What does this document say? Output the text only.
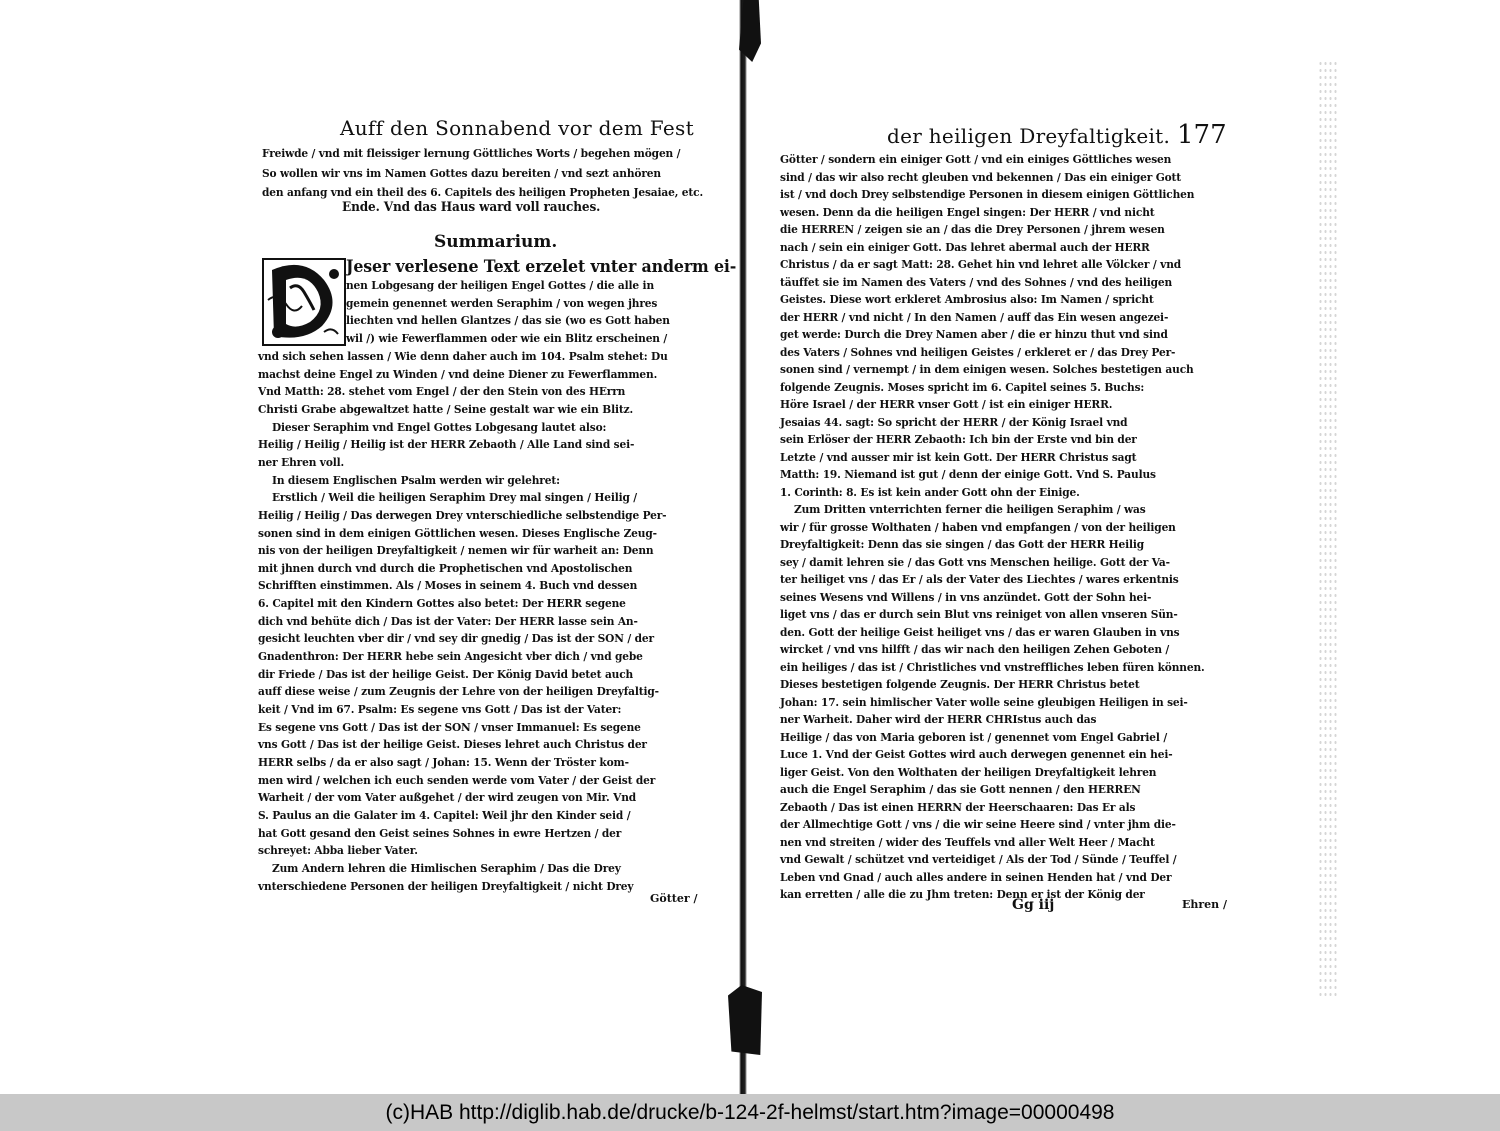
Auff den Sonnabend vor dem Fest
Freiwde / vnd mit fleissiger lernung Göttliches Worts / begehen mögen /
So wollen wir vns im Namen Gottes dazu bereiten / vnd sezt anhören
den anfang vnd ein theil des 6. Capitels des heiligen Propheten Jesaiae, etc.
Ende. Vnd das Haus ward voll rauches.
Summarium.
Jeser verlesene Text erzelet vnter anderm ei-
nen Lobgesang der heiligen Engel Gottes / die alle in
gemein genennet werden Seraphim / von wegen jhres
liechten vnd hellen Glantzes / das sie (wo es Gott haben
wil /) wie Fewerflammen oder wie ein Blitz erscheinen /
vnd sich sehen lassen / Wie denn daher auch im 104. Psalm stehet: Du
machst deine Engel zu Winden / vnd deine Diener zu Fewerflammen.
Vnd Matth: 28. stehet vom Engel / der den Stein von des HErrn
Christi Grabe abgewaltzet hatte / Seine gestalt war wie ein Blitz.
Dieser Seraphim vnd Engel Gottes Lobgesang lautet also:
Heilig / Heilig / Heilig ist der HERR Zebaoth / Alle Land sind sei-
ner Ehren voll.
In diesem Englischen Psalm werden wir gelehret:
Erstlich / Weil die heiligen Seraphim Drey mal singen / Heilig /
Heilig / Heilig / Das derwegen Drey vnterschiedliche selbstendige Per-
sonen sind in dem einigen Göttlichen wesen. Dieses Englische Zeug-
nis von der heiligen Dreyfaltigkeit / nemen wir für warheit an: Denn
mit jhnen durch vnd durch die Prophetischen vnd Apostolischen
Schrifften einstimmen. Als / Moses in seinem 4. Buch vnd dessen
6. Capitel mit den Kindern Gottes also betet: Der HERR segene
dich vnd behüte dich / Das ist der Vater: Der HERR lasse sein An-
gesicht leuchten vber dir / vnd sey dir gnedig / Das ist der SON / der
Gnadenthron: Der HERR hebe sein Angesicht vber dich / vnd gebe
dir Friede / Das ist der heilige Geist. Der König David betet auch
auff diese weise / zum Zeugnis der Lehre von der heiligen Dreyfaltig-
keit / Vnd im 67. Psalm: Es segene vns Gott / Das ist der Vater:
Es segene vns Gott / Das ist der SON / vnser Immanuel: Es segene
vns Gott / Das ist der heilige Geist. Dieses lehret auch Christus der
HERR selbs / da er also sagt / Johan: 15. Wenn der Tröster kom-
men wird / welchen ich euch senden werde vom Vater / der Geist der
Warheit / der vom Vater außgehet / der wird zeugen von Mir. Vnd
S. Paulus an die Galater im 4. Capitel: Weil jhr den Kinder seid /
hat Gott gesand den Geist seines Sohnes in ewre Hertzen / der
schreyet: Abba lieber Vater.
Zum Andern lehren die Himlischen Seraphim / Das die Drey
vnterschiedene Personen der heiligen Dreyfaltigkeit / nicht Drey
Götter /
der heiligen Dreyfaltigkeit. 177
Götter / sondern ein einiger Gott / vnd ein einiges Göttliches wesen
sind / das wir also recht gleuben vnd bekennen / Das ein einiger Gott
ist / vnd doch Drey selbstendige Personen in diesem einigen Göttlichen
wesen. Denn da die heiligen Engel singen: Der HERR / vnd nicht
die HERREN / zeigen sie an / das die Drey Personen / jhrem wesen
nach / sein ein einiger Gott. Das lehret abermal auch der HERR
Christus / da er sagt Matt: 28. Gehet hin vnd lehret alle Völcker / vnd
täuffet sie im Namen des Vaters / vnd des Sohnes / vnd des heiligen
Geistes. Diese wort erkleret Ambrosius also: Im Namen / spricht
der HERR / vnd nicht / In den Namen / auff das Ein wesen angezei-
get werde: Durch die Drey Namen aber / die er hinzu thut vnd sind
des Vaters / Sohnes vnd heiligen Geistes / erkleret er / das Drey Per-
sonen sind / vernempt / in dem einigen wesen. Solches bestetigen auch
folgende Zeugnis. Moses spricht im 6. Capitel seines 5. Buchs:
Höre Israel / der HERR vnser Gott / ist ein einiger HERR.
Jesaias 44. sagt: So spricht der HERR / der König Israel vnd
sein Erlöser der HERR Zebaoth: Ich bin der Erste vnd bin der
Letzte / vnd ausser mir ist kein Gott. Der HERR Christus sagt
Matth: 19. Niemand ist gut / denn der einige Gott. Vnd S. Paulus
1. Corinth: 8. Es ist kein ander Gott ohn der Einige.
Zum Dritten vnterrichten ferner die heiligen Seraphim / was
wir / für grosse Wolthaten / haben vnd empfangen / von der heiligen
Dreyfaltigkeit: Denn das sie singen / das Gott der HERR Heilig
sey / damit lehren sie / das Gott vns Menschen heilige. Gott der Va-
ter heiliget vns / das Er / als der Vater des Liechtes / wares erkentnis
seines Wesens vnd Willens / in vns anzündet. Gott der Sohn hei-
liget vns / das er durch sein Blut vns reiniget von allen vnseren Sün-
den. Gott der heilige Geist heiliget vns / das er waren Glauben in vns
wircket / vnd vns hilfft / das wir nach den heiligen Zehen Geboten /
ein heiliges / das ist / Christliches vnd vnstreffliches leben füren können.
Dieses bestetigen folgende Zeugnis. Der HERR Christus betet
Johan: 17. sein himlischer Vater wolle seine gleubigen Heiligen in sei-
ner Warheit. Daher wird der HERR CHRIstus auch das
Heilige / das von Maria geboren ist / genennet vom Engel Gabriel /
Luce 1. Vnd der Geist Gottes wird auch derwegen genennet ein hei-
liger Geist. Von den Wolthaten der heiligen Dreyfaltigkeit lehren
auch die Engel Seraphim / das sie Gott nennen / den HERREN
Zebaoth / Das ist einen HERRN der Heerschaaren: Das Er als
der Allmechtige Gott / vns / die wir seine Heere sind / vnter jhm die-
nen vnd streiten / wider des Teuffels vnd aller Welt Heer / Macht
vnd Gewalt / schützet vnd verteidiget / Als der Tod / Sünde / Teuffel /
Leben vnd Gnad / auch alles andere in seinen Henden hat / vnd Der
kan erretten / alle die zu Jhm treten: Denn er ist der König der
Gg iij	Ehren /
(c)HAB http://diglib.hab.de/drucke/b-124-2f-helmst/start.htm?image=00000498
